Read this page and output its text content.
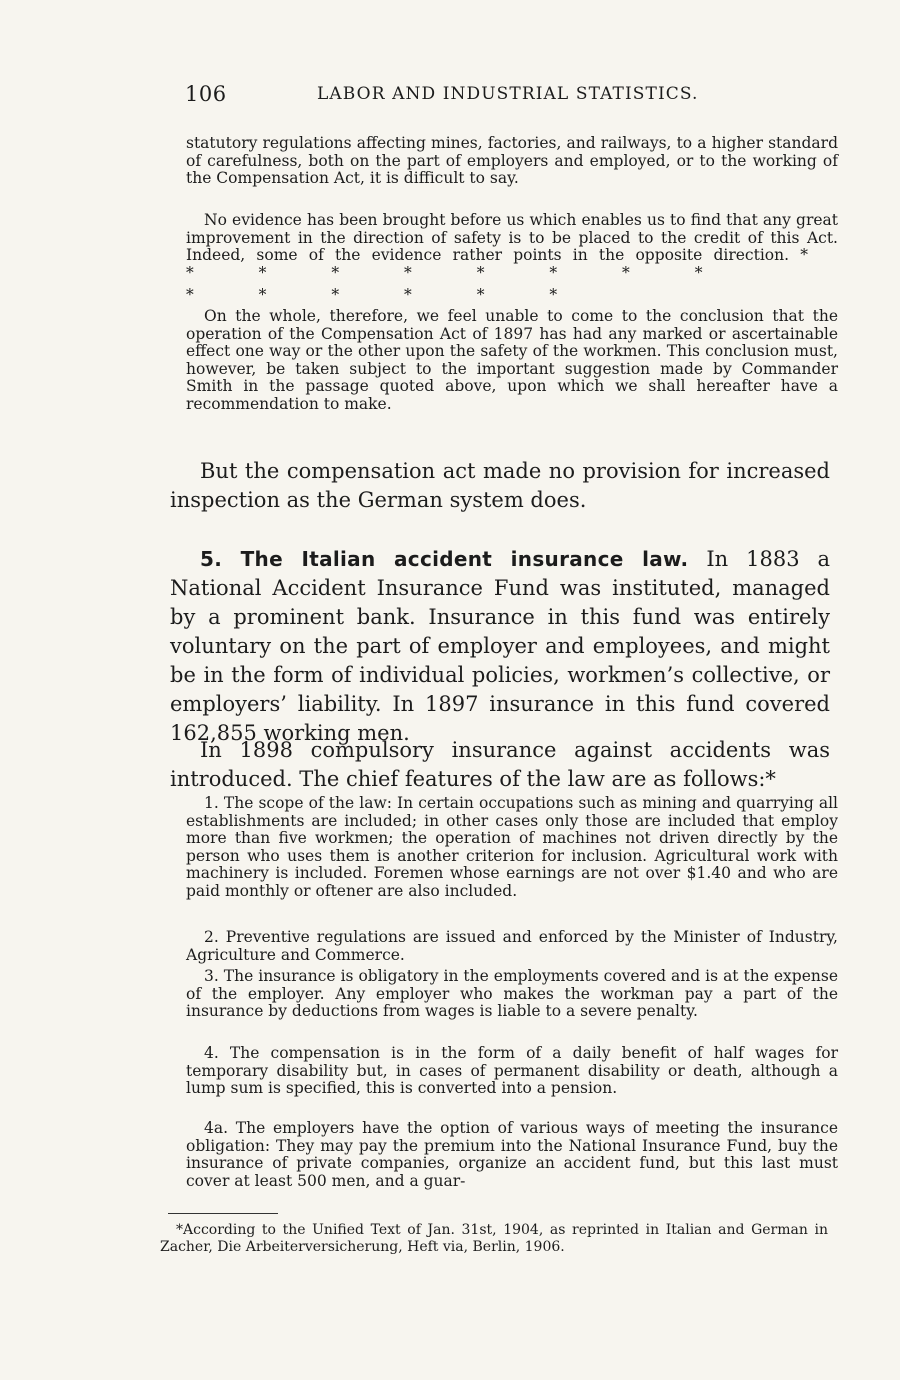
106	LABOR AND INDUSTRIAL STATISTICS.

statutory regulations affecting mines, factories, and railways, to a higher standard of carefulness, both on the part of employers and employed, or to the working of the Compensation Act, it is difficult to say.

No evidence has been brought before us which enables us to find that any great improvement in the direction of safety is to be placed to the credit of this Act. Indeed, some of the evidence rather points in the opposite direction. * * * * * * * * *

* * * * * *

On the whole, therefore, we feel unable to come to the conclusion that the operation of the Compensation Act of 1897 has had any marked or ascertainable effect one way or the other upon the safety of the workmen. This conclusion must, however, be taken subject to the important suggestion made by Commander Smith in the passage quoted above, upon which we shall hereafter have a recommendation to make.

But the compensation act made no provision for increased inspection as the German system does.

5. The Italian accident insurance law. In 1883 a National Accident Insurance Fund was instituted, managed by a prominent bank. Insurance in this fund was entirely voluntary on the part of employer and employees, and might be in the form of individual policies, workmen’s collective, or employers’ liability. In 1897 insurance in this fund covered 162,855 working men.

In 1898 compulsory insurance against accidents was introduced. The chief features of the law are as follows:*

1. The scope of the law: In certain occupations such as mining and quarrying all establishments are included; in other cases only those are included that employ more than five workmen; the operation of machines not driven directly by the person who uses them is another criterion for inclusion. Agricultural work with machinery is included. Foremen whose earnings are not over $1.40 and who are paid monthly or oftener are also included.

2. Preventive regulations are issued and enforced by the Minister of Industry, Agriculture and Commerce.

3. The insurance is obligatory in the employments covered and is at the expense of the employer. Any employer who makes the workman pay a part of the insurance by deductions from wages is liable to a severe penalty.

4. The compensation is in the form of a daily benefit of half wages for temporary disability but, in cases of permanent disability or death, although a lump sum is specified, this is converted into a pension.

4a. The employers have the option of various ways of meeting the insurance obligation: They may pay the premium into the National Insurance Fund, buy the insurance of private companies, organize an accident fund, but this last must cover at least 500 men, and a guar-

*According to the Unified Text of Jan. 31st, 1904, as reprinted in Italian and German in Zacher, Die Arbeiterversicherung, Heft via, Berlin, 1906.
